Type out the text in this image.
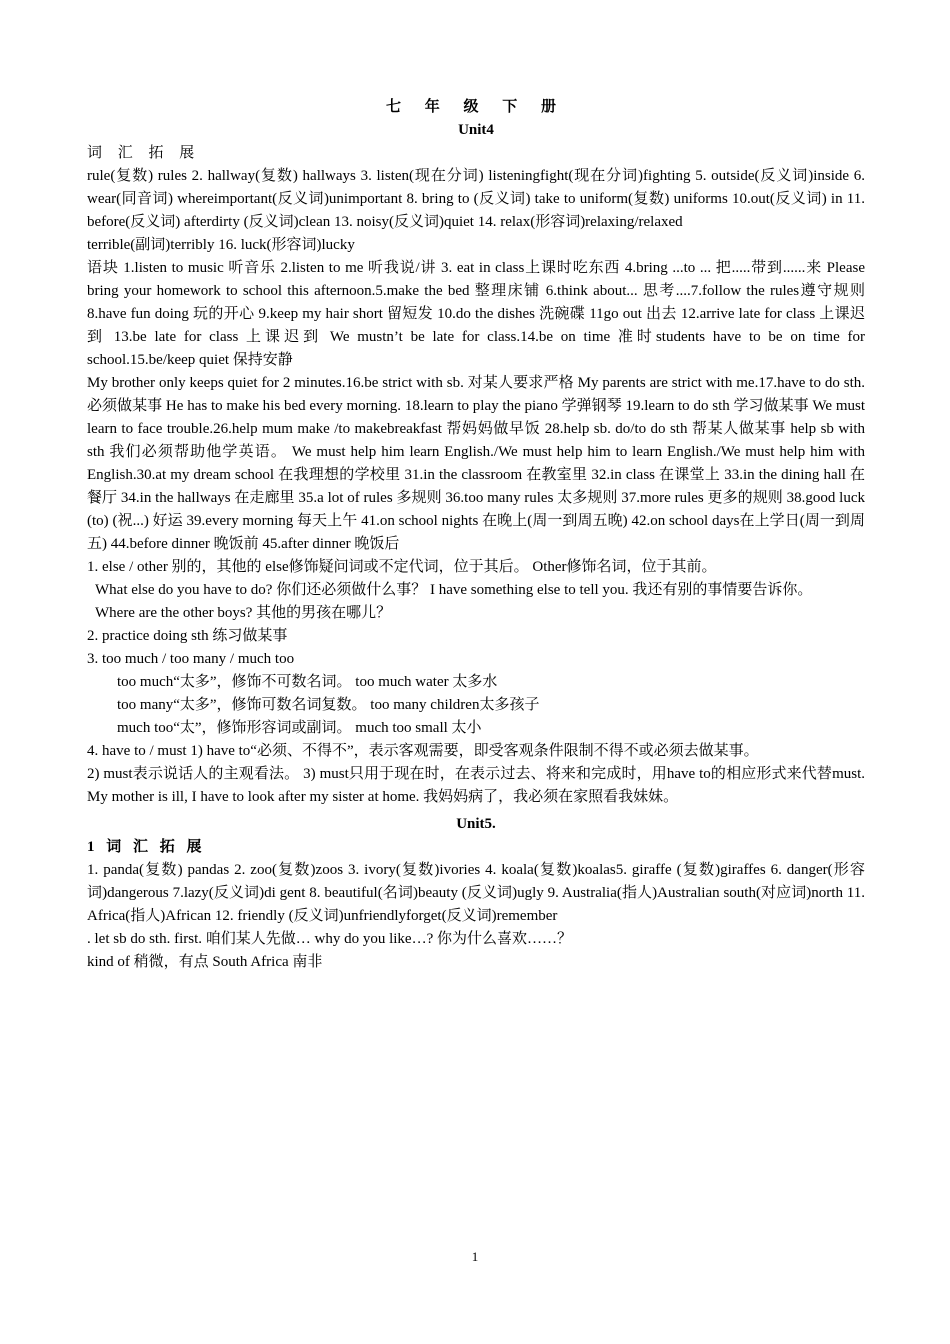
七 年 级 下 册

Unit4

词 汇 拓 展

rule(复数) rules 2. hallway(复数) hallways 3. listen(现在分词) listeningfight(现在分词)fighting 5. outside(反义词)inside 6. wear(同音词) whereimportant(反义词)unimportant 8. bring to (反义词) take to uniform(复数) uniforms 10.out(反义词) in 11. before(反义词) afterdirty (反义词)clean 13. noisy(反义词)quiet 14. relax(形容词)relaxing/relaxed

terrible(副词)terribly 16. luck(形容词)lucky

语块 1.listen to music 听音乐 2.listen to me 听我说/讲 3. eat in class上课时吃东西 4.bring ...to ... 把.....带到......来 Please bring your homework to school this afternoon.5.make the bed 整理床铺 6.think about... 思考....7.follow the rules遵守规则 8.have fun doing 玩的开心 9.keep my hair short 留短发 10.do the dishes 洗碗碟 11go out 出去 12.arrive late for class 上课迟到 13.be late for class 上课迟到 We mustn’t be late for class.14.be on time 准时students have to be on time for school.15.be/keep quiet 保持安静

My brother only keeps quiet for 2 minutes.16.be strict with sb. 对某人要求严格 My parents are strict with me.17.have to do sth. 必须做某事 He has to make his bed every morning. 18.learn to play the piano 学弹钢琴 19.learn to do sth 学习做某事 We must learn to face trouble.26.help mum make /to makebreakfast 帮妈妈做早饭 28.help sb. do/to do sth 帮某人做某事 help sb with sth 我们必须帮助他学英语。 We must help him learn English./We must help him to learn English./We must help him with English.30.at my dream school 在我理想的学校里 31.in the classroom 在教室里 32.in class 在课堂上 33.in the dining hall 在餐厅 34.in the hallways 在走廊里 35.a lot of rules 多规则 36.too many rules 太多规则 37.more rules 更多的规则 38.good luck (to) (祝...) 好运 39.every morning 每天上午 41.on school nights 在晚上(周一到周五晚) 42.on school days在上学日(周一到周五) 44.before dinner 晚饭前 45.after dinner 晚饭后

1. else / other 别的，其他的 else修饰疑问词或不定代词，位于其后。 Other修饰名词，位于其前。

What else do you have to do? 你们还必须做什么事？ I have something else to tell you. 我还有别的事情要告诉你。

Where are the other boys? 其他的男孩在哪儿？

2. practice doing sth 练习做某事

3. too much / too many / much too

too much“太多”，修饰不可数名词。 too much water 太多水

too many“太多”，修饰可数名词复数。 too many children太多孩子

much too“太”，修饰形容词或副词。 much too small 太小

4. have to / must 1) have to“必须、不得不”，表示客观需要，即受客观条件限制不得不或必须去做某事。

2) must表示说话人的主观看法。 3) must只用于现在时，在表示过去、将来和完成时，用have to的相应形式来代替must. My mother is ill, I have to look after my sister at home. 我妈妈病了，我必须在家照看我妹妹。

Unit5.

1 词 汇 拓 展

1. panda(复数) pandas 2. zoo(复数)zoos 3. ivory(复数)ivories 4. koala(复数)koalas5. giraffe (复数)giraffes 6. danger(形容词)dangerous 7.lazy(反义词)di gent 8. beautiful(名词)beauty (反义词)ugly 9. Australia(指人)Australian south(对应词)north 11. Africa(指人)African 12. friendly (反义词)unfriendlyforget(反义词)remember

. let sb do sth. first. 咱们某人先做… why do you like…? 你为什么喜欢……？

kind of 稍微，有点 South Africa 南非

1
